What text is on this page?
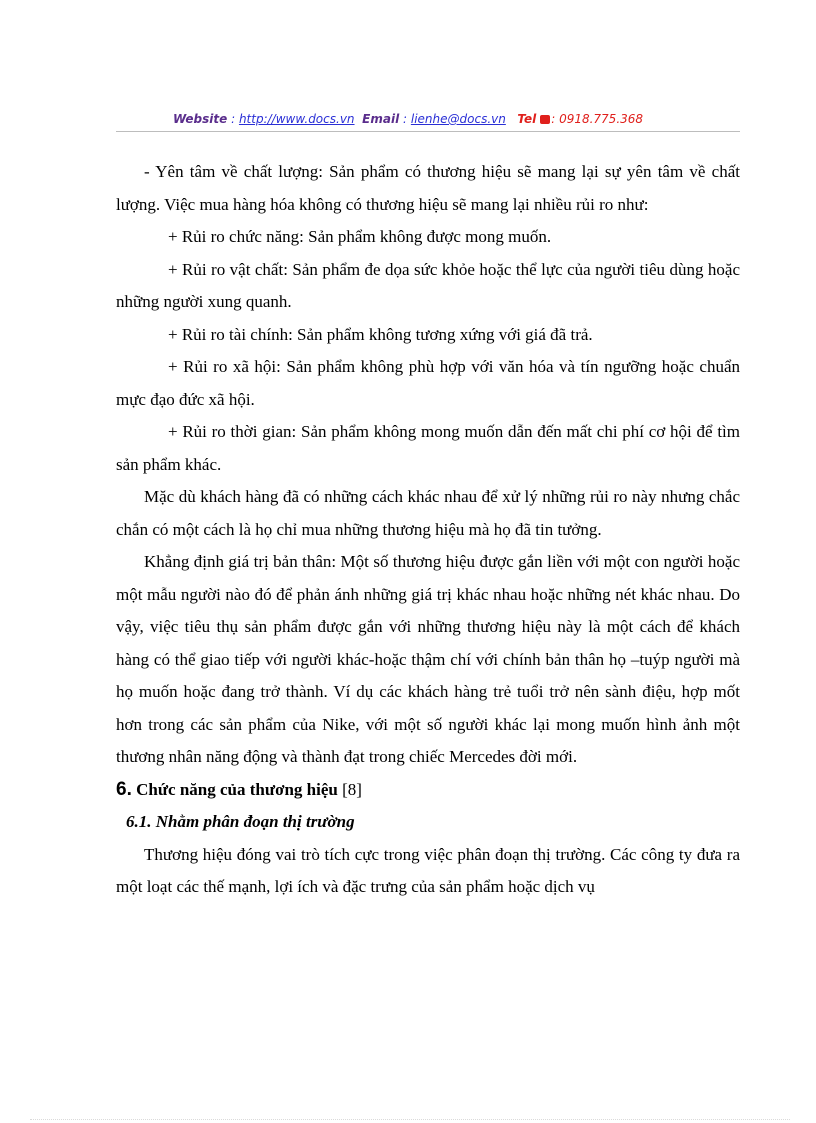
Website : http://www.docs.vn Email : lienhe@docs.vn Tel : 0918.775.368

- Yên tâm về chất lượng: Sản phẩm có thương hiệu sẽ mang lại sự yên tâm về chất lượng. Việc mua hàng hóa không có thương hiệu sẽ mang lại nhiều rủi ro như:

+ Rủi ro chức năng: Sản phẩm không được mong muốn.

+ Rủi ro vật chất: Sản phẩm đe dọa sức khỏe hoặc thể lực của người tiêu dùng hoặc những người xung quanh.

+ Rủi ro tài chính: Sản phẩm không tương xứng với giá đã trả.

+ Rủi ro xã hội: Sản phẩm không phù hợp với văn hóa và tín ngưỡng hoặc chuẩn mực đạo đức xã hội.

+ Rủi ro thời gian: Sản phẩm không mong muốn dẫn đến mất chi phí cơ hội để tìm sản phẩm khác.

Mặc dù khách hàng đã có những cách khác nhau để xử lý những rủi ro này nhưng chắc chắn có một cách là họ chỉ mua những thương hiệu mà họ đã tin tưởng.

Khẳng định giá trị bản thân: Một số thương hiệu được gắn liền với một con người hoặc một mẫu người nào đó để phản ánh những giá trị khác nhau hoặc những nét khác nhau. Do vậy, việc tiêu thụ sản phẩm được gắn với những thương hiệu này là một cách để khách hàng có thể giao tiếp với người khác-hoặc thậm chí với chính bản thân họ –tuýp người mà họ muốn hoặc đang trở thành. Ví dụ các khách hàng trẻ tuổi trở nên sành điệu, hợp mốt hơn trong các sản phẩm của Nike, với một số người khác lại mong muốn hình ảnh một thương nhân năng động và thành đạt trong chiếc Mercedes đời mới.

6. Chức năng của thương hiệu [8]

6.1. Nhằm phân đoạn thị trường

Thương hiệu đóng vai trò tích cực trong việc phân đoạn thị trường. Các công ty đưa ra một loạt các thế mạnh, lợi ích và đặc trưng của sản phẩm hoặc dịch vụ
